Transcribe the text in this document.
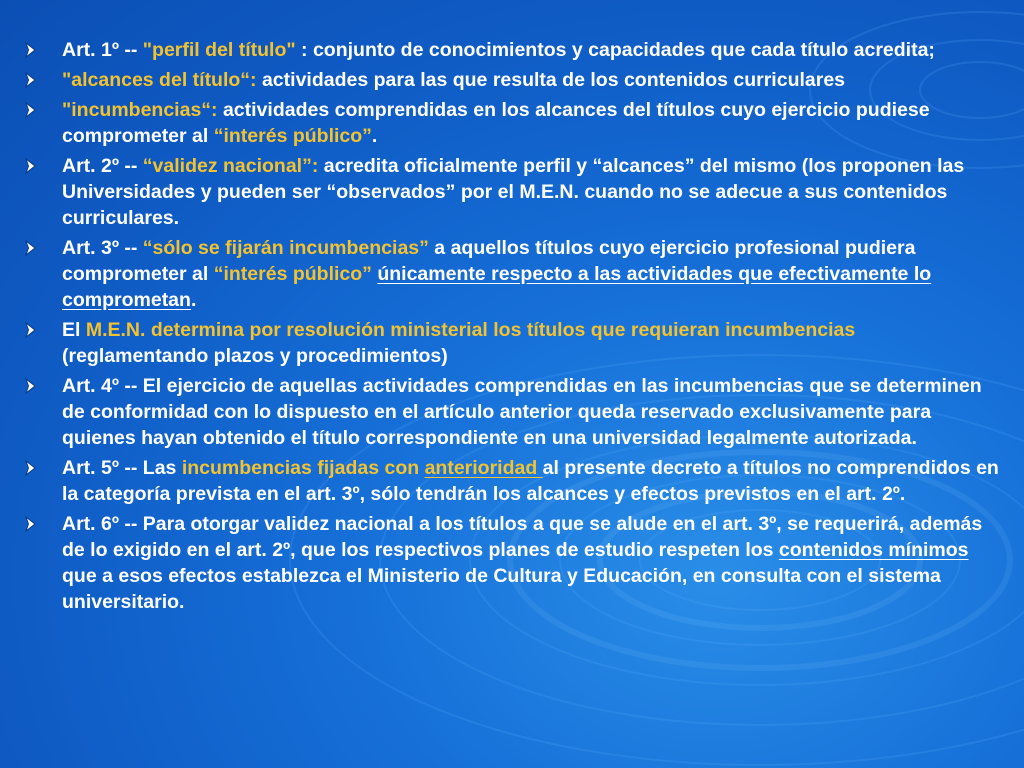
Art. 1º -- "perfil del título" : conjunto de conocimientos y capacidades que cada título acredita;
"alcances del título“: actividades para las que resulta de los contenidos curriculares
"incumbencias“: actividades comprendidas en los alcances del títulos cuyo ejercicio pudiese comprometer al “interés público”.
Art. 2º -- “validez nacional”: acredita oficialmente perfil y “alcances” del mismo (los proponen las Universidades y pueden ser “observados” por el M.E.N. cuando no se adecue a sus contenidos curriculares.
Art. 3º -- “sólo se fijarán incumbencias” a aquellos títulos cuyo ejercicio profesional pudiera comprometer al “interés público” únicamente respecto a las actividades que efectivamente lo comprometan.
El M.E.N. determina por resolución ministerial los títulos que requieran incumbencias (reglamentando plazos y procedimientos)
Art. 4º -- El ejercicio de aquellas actividades comprendidas en las incumbencias que se determinen de conformidad con lo dispuesto en el artículo anterior queda reservado exclusivamente para quienes hayan obtenido el título correspondiente en una universidad legalmente autorizada.
Art. 5º -- Las incumbencias fijadas con anterioridad al presente decreto a títulos no comprendidos en la categoría prevista en el art. 3º, sólo tendrán los alcances y efectos previstos en el art. 2º.
Art. 6º -- Para otorgar validez nacional a los títulos a que se alude en el art. 3º, se requerirá, además de lo exigido en el art. 2º, que los respectivos planes de estudio respeten los contenidos mínimos que a esos efectos establezca el Ministerio de Cultura y Educación, en consulta con el sistema universitario.
